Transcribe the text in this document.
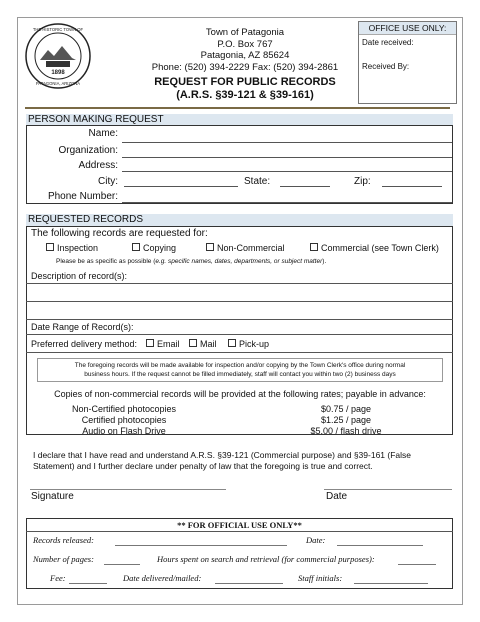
1898
THE HISTORIC TOWN OF
PATAGONIA, ARIZONA
Town of Patagonia
P.O. Box 767
Patagonia, AZ 85624
Phone: (520) 394-2229 Fax: (520) 394-2861
REQUEST FOR PUBLIC RECORDS
(A.R.S. §39-121 & §39-161)
OFFICE USE ONLY:
Date received:
Received By:
PERSON MAKING REQUEST
Name:
Organization:
Address:
City:	State:	Zip:
Phone Number:
REQUESTED RECORDS
The following records are requested for:
Inspection	Copying	Non-Commercial	Commercial (see Town Clerk)
Please be as specific as possible (e.g. specific names, dates, departments, or subject matter).
Description of record(s):
Date Range of Record(s):
Preferred delivery method:	Email	Mail	Pick-up
The foregoing records will be made available for inspection and/or copying by the Town Clerk's office during normal
business hours. If the request cannot be filled immediately, staff will contact you within two (2) business days
Copies of non-commercial records will be provided at the following rates; payable in advance:
Non-Certified photocopies	$0.75 / page
Certified photocopies	$1.25 / page
Audio on Flash Drive	$5.00 / flash drive
I declare that I have read and understand A.R.S. §39-121 (Commercial purpose) and §39-161 (False
Statement) and I further declare under penalty of law that the foregoing is true and correct.
Signature	Date
** FOR OFFICIAL USE ONLY**
Records released:	Date:
Number of pages:	Hours spent on search and retrieval (for commercial purposes):
Fee:	Date delivered/mailed:	Staff initials:
